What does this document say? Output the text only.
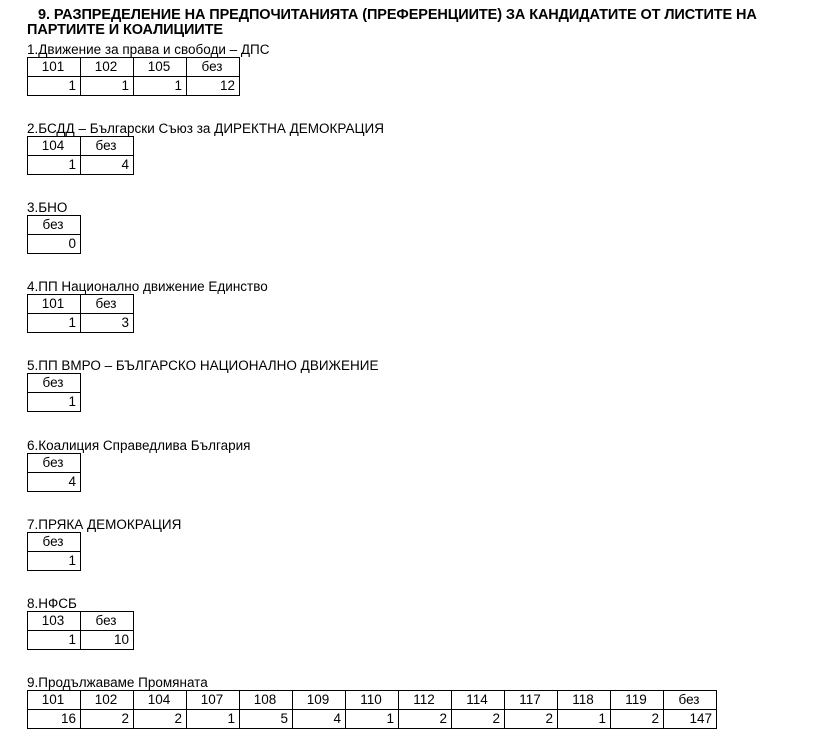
9. РАЗПРЕДЕЛЕНИЕ НА ПРЕДПОЧИТАНИЯТА (ПРЕФЕРЕНЦИИТЕ) ЗА КАНДИДАТИТЕ ОТ ЛИСТИТЕ НА
ПАРТИИТЕ И КОАЛИЦИИТЕ
1.Движение за права и свободи – ДПС
101	102	105	без
1	1	1	12
2.БСДД – Български Съюз за ДИРЕКТНА ДЕМОКРАЦИЯ
104	без
1	4
3.БНО
без
0
4.ПП Национално движение Единство
101	без
1	3
5.ПП ВМРО – БЪЛГАРСКО НАЦИОНАЛНО ДВИЖЕНИЕ
без
1
6.Коалиция Справедлива България
без
4
7.ПРЯКА ДЕМОКРАЦИЯ
без
1
8.НФСБ
103	без
1	10
9.Продължаваме Промяната
101	102	104	107	108	109	110	112	114	117	118	119	без
16	2	2	1	5	4	1	2	2	2	1	2	147
